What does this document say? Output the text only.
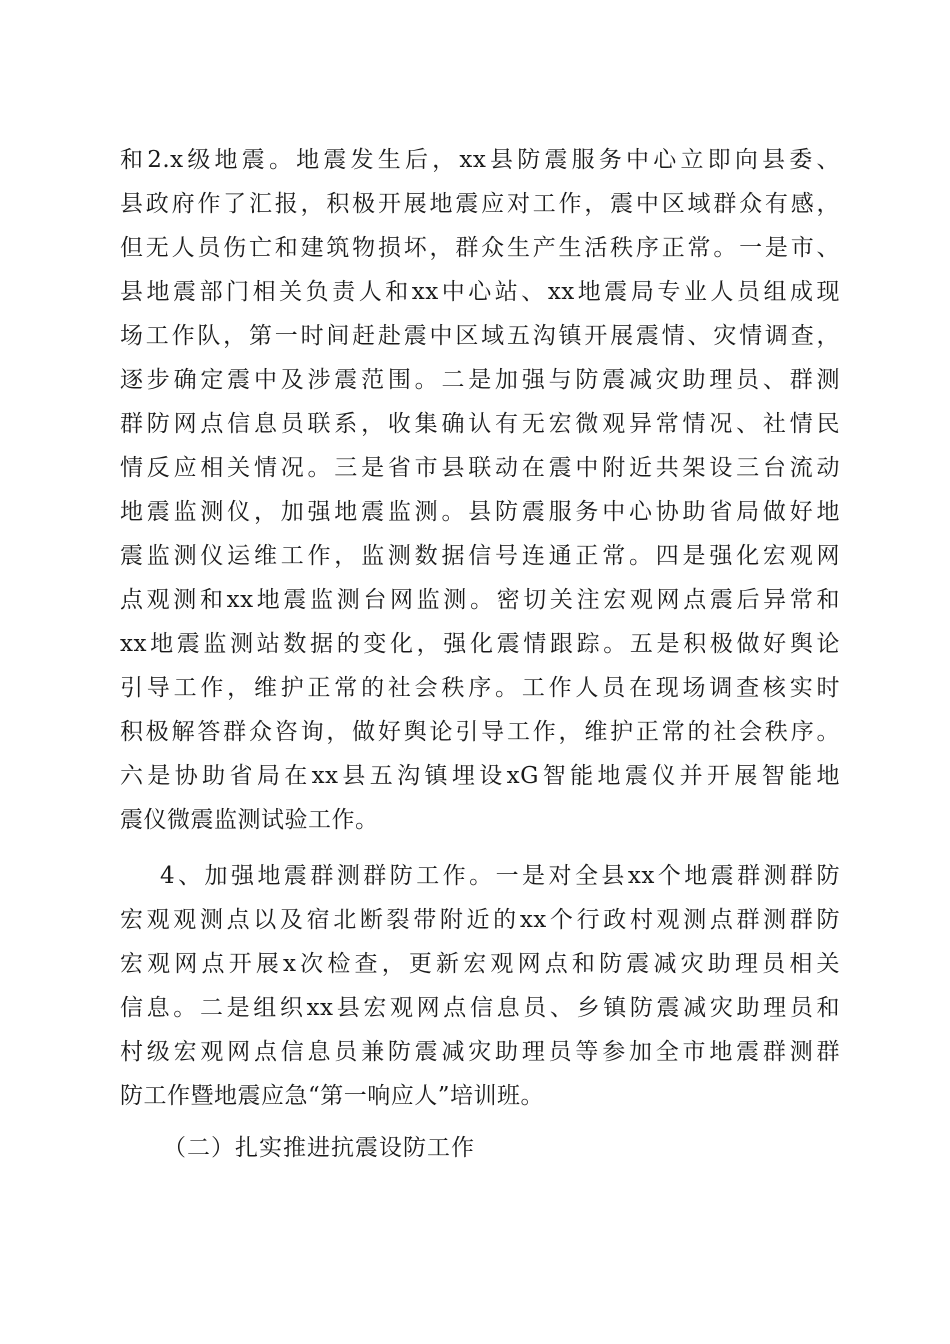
和2.x级地震。地震发生后，xx县防震服务中心立即向县委、
县政府作了汇报，积极开展地震应对工作，震中区域群众有感，
但无人员伤亡和建筑物损坏，群众生产生活秩序正常。一是市、
县地震部门相关负责人和xx中心站、xx地震局专业人员组成现
场工作队，第一时间赶赴震中区域五沟镇开展震情、灾情调查，
逐步确定震中及涉震范围。二是加强与防震减灾助理员、群测
群防网点信息员联系，收集确认有无宏微观异常情况、社情民
情反应相关情况。三是省市县联动在震中附近共架设三台流动
地震监测仪，加强地震监测。县防震服务中心协助省局做好地
震监测仪运维工作，监测数据信号连通正常。四是强化宏观网
点观测和xx地震监测台网监测。密切关注宏观网点震后异常和
xx地震监测站数据的变化，强化震情跟踪。五是积极做好舆论
引导工作，维护正常的社会秩序。工作人员在现场调查核实时
积极解答群众咨询，做好舆论引导工作，维护正常的社会秩序。
六是协助省局在xx县五沟镇埋设xG智能地震仪并开展智能地
震仪微震监测试验工作。
4、加强地震群测群防工作。一是对全县xx个地震群测群防
宏观观测点以及宿北断裂带附近的xx个行政村观测点群测群防
宏观网点开展x次检查，更新宏观网点和防震减灾助理员相关
信息。二是组织xx县宏观网点信息员、乡镇防震减灾助理员和
村级宏观网点信息员兼防震减灾助理员等参加全市地震群测群
防工作暨地震应急“第一响应人”培训班。
（二）扎实推进抗震设防工作
